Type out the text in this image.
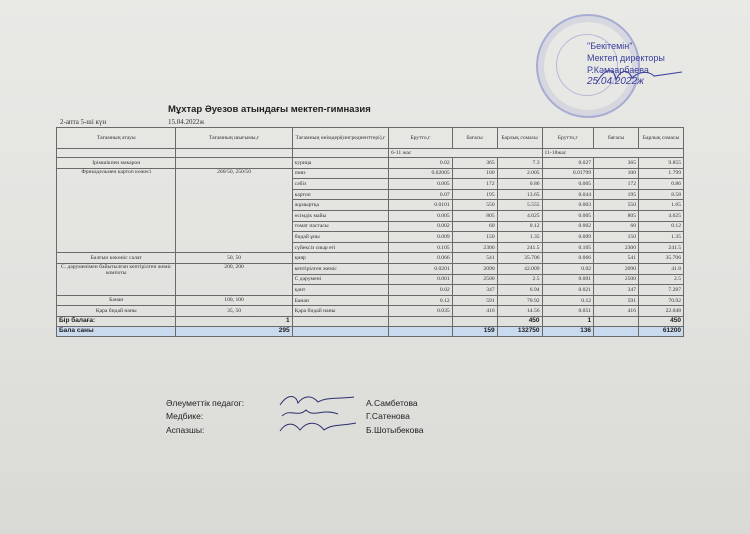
"Бекітемін"
Мектеп директоры
Р.Кәмзарбаева
25.04.2022ж
Мұхтар Әуезов атындағы мектеп-гимназия
2-апта 5-ші күн	15.04.2022ж
Тағамның атауы	Тағамның шығымы,г	Тағамның өнімдері(ингредиенттері),г	Брутто,г	бағасы	Барлық сомасы	Брутто,г	бағасы	Барлық сомасы
			6-11 жас			11-18жас		
Ірімшікпен мәкарон		курица	0.02	365	7.3	0.027	365	9.855
Фрикадельмен картоп көжесі	200/50, 250/50	пияз	0.02005	100	2.005	0.01799	100	1.799
		сәбіз	0.005	172	0.86	0.005	172	0.86
		картоп	0.07	195	13.65	0.044	195	8.58
		жұмыртқа	0.0101	550	5.555	0.003	550	1.65
		өсімдік майы	0.005	805	4.025	0.005	805	4.025
		томат пастасы	0.002	60	0.12	0.002	60	0.12
		бидай ұны	0.009	150	1.35	0.009	150	1.35
		сүйексіз сиыр еті	0.105	2300	241.5	0.105	2300	241.5
Балғын көкөніс салат	50, 50	қияр	0.066	541	35.706	0.066	541	35.706
С. дәруменімен байытылған кептірілген жеміс компоты	200, 200	кептірілген жеміс	0.0201	2090	42.009	0.02	2090	41.8
		С дәрумені	0.001	2500	2.5	0.001	2500	2.5
		қант	0.02	347	6.94	0.021	347	7.287
Банан	100, 100	Банан	0.12	591	70.92	0.12	591	70.92
Қара бидай наны	35, 50	Қара бидай наны	0.035	416	14.56	0.051	416	22.048
Бір балаға:	1				450	1		450
Бала саны	295			159	132750	136		61200
Әлеуметтік педагог:
Медбике:
Аспазшы:
А.Самбетова
Г.Сатенова
Б.Шотыбекова
